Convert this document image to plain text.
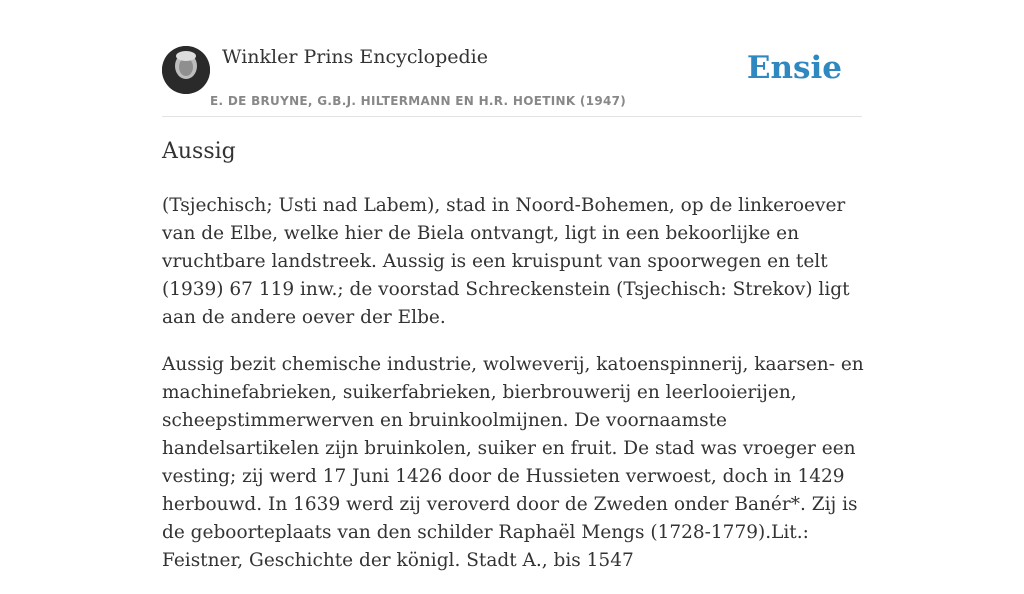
Winkler Prins Encyclopedie
E. DE BRUYNE, G.B.J. HILTERMANN EN H.R. HOETINK (1947)
Ensie
Aussig

(Tsjechisch; Usti nad Labem), stad in Noord-Bohemen, op de linkeroever van de Elbe, welke hier de Biela ontvangt, ligt in een bekoorlijke en vruchtbare landstreek. Aussig is een kruispunt van spoorwegen en telt (1939) 67 119 inw.; de voorstad Schreckenstein (Tsjechisch: Strekov) ligt aan de andere oever der Elbe.

Aussig bezit chemische industrie, wolweverij, katoenspinnerij, kaarsen- en machinefabrieken, suikerfabrieken, bierbrouwerij en leerlooierijen, scheepstimmerwerven en bruinkoolmijnen. De voornaamste handelsartikelen zijn bruinkolen, suiker en fruit. De stad was vroeger een vesting; zij werd 17 Juni 1426 door de Hussieten verwoest, doch in 1429 herbouwd. In 1639 werd zij veroverd door de Zweden onder Banér*. Zij is de geboorteplaats van den schilder Raphaël Mengs (1728-1779).Lit.: Feistner, Geschichte der königl. Stadt A., bis 1547
